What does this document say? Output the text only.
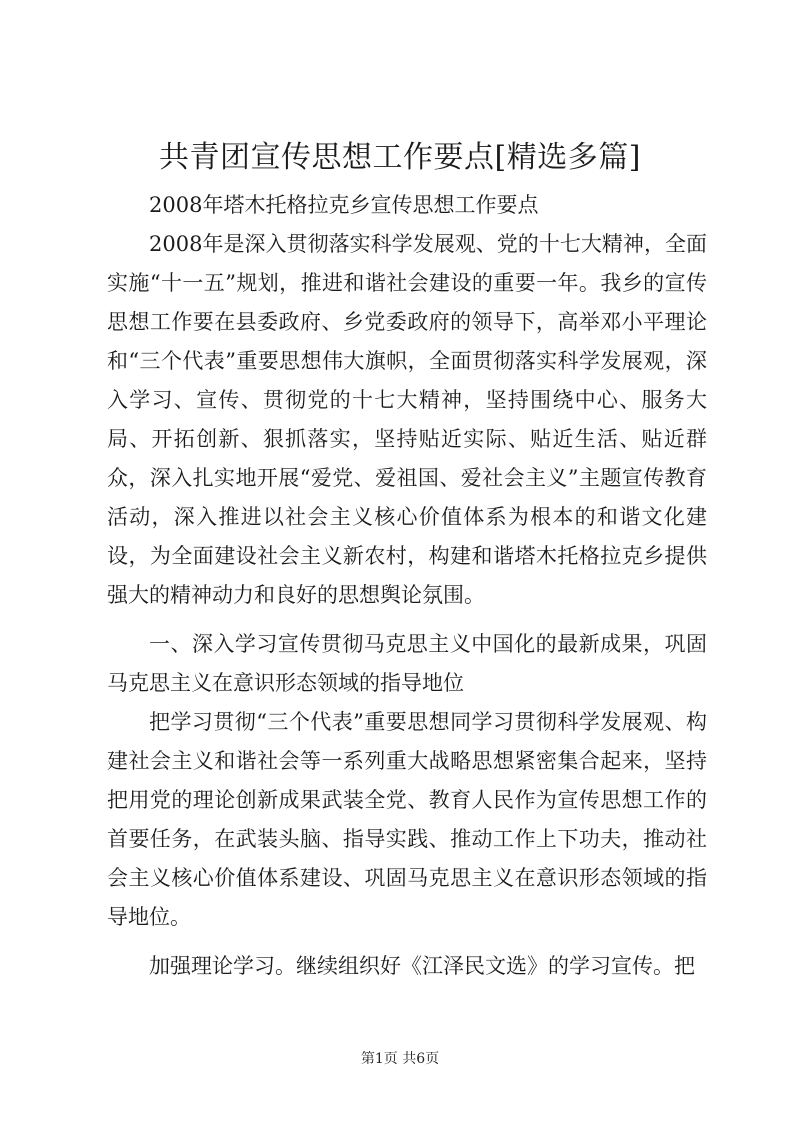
共青团宣传思想工作要点[精选多篇]

2008年塔木托格拉克乡宣传思想工作要点

2008年是深入贯彻落实科学发展观、党的十七大精神，全面实施“十一五”规划，推进和谐社会建设的重要一年。我乡的宣传思想工作要在县委政府、乡党委政府的领导下，高举邓小平理论和“三个代表”重要思想伟大旗帜，全面贯彻落实科学发展观，深入学习、宣传、贯彻党的十七大精神，坚持围绕中心、服务大局、开拓创新、狠抓落实，坚持贴近实际、贴近生活、贴近群众，深入扎实地开展“爱党、爱祖国、爱社会主义”主题宣传教育活动，深入推进以社会主义核心价值体系为根本的和谐文化建设，为全面建设社会主义新农村，构建和谐塔木托格拉克乡提供强大的精神动力和良好的思想舆论氛围。

一、深入学习宣传贯彻马克思主义中国化的最新成果，巩固马克思主义在意识形态领域的指导地位

把学习贯彻“三个代表”重要思想同学习贯彻科学发展观、构建社会主义和谐社会等一系列重大战略思想紧密集合起来，坚持把用党的理论创新成果武装全党、教育人民作为宣传思想工作的首要任务，在武装头脑、指导实践、推动工作上下功夫，推动社会主义核心价值体系建设、巩固马克思主义在意识形态领域的指导地位。

加强理论学习。继续组织好《江泽民文选》的学习宣传。把

第1页 共6页
